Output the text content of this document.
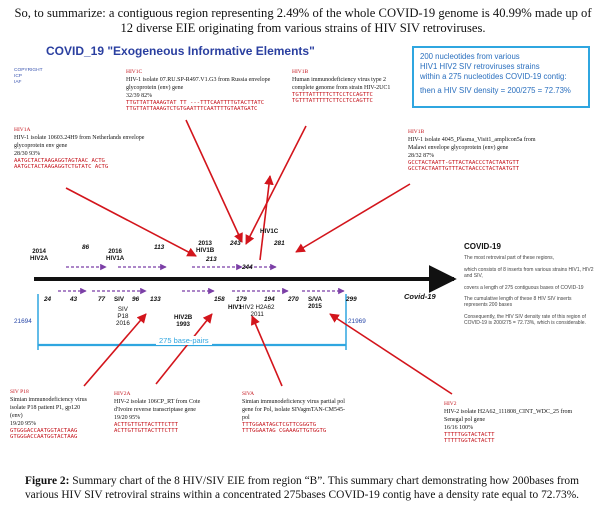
So, to summarize: a contiguous region representing 2.49% of the whole COVID-19 genome is 40.99% made up of 12 diverse EIE originating from various strains of HIV SIV retroviruses.
COVID_19 "Exogeneous Informative Elements"
COPYRIGHT
ICP
IAF
200 nucleotides from various
HIV1 HIV2 SIV retroviruses strains
within a 275 nucleotides COVID-19 contig:
then a HIV SIV density = 200/275 = 72.73%
HIV1C
HIV-1 isolate 07.RU.SP-R497.V1.G3 from Russia envelope glycoprotein (env) gene
32/39 82%
TTGTTATTAAAGTAT TT ---TTTCAATTTTGTACTTATC
TTGTTATTAAAGTCTGTGAATTTCAATTTTGTAATGATC
HIV1B
Human immunodeficiency virus type 2 complete genome from strain HIV-2UC1
TGTTTATTTTTCTTCCTCCAGTTC
TGTTTATTTTTCTTCCTCCAGTTC
HIV1A
HIV-1 isolate 10603.24H9 from Netherlands envelope glycoprotein env gene
28/30 93%
AATGCTACTAAGAGGTAGTAAC ACTG
AATGCTACTAAGAGGTCTGTATC ACTG
HIV1B
HIV-1 isolate 4045_Plasma_Visit1_amplicon5a from Malawi envelope glycoprotein (env) gene
28/32 87%
GCCTACTAATT-GTTACTAACCCTACTAATGTT
GCCTACTAATTGTTTACTAACCCTACTAATGTT
86	113
213
243
244
281
2014
HIV2A
2016
HIV1A
2013
HIV1B
HIV1C
24	43	77	96 133	158 179	194 270	299
SIV
SIV
P18
2016
HIV2B
1993
HIV1
HIV2 H2A62
2011
S/VA
2015
Covid-19
21694	21969
275 base-pairs
COVID-19

The most retroviral part of these regions,

which consists of 8 inserts from various strains HIV1, HIV2 and SIV,

covers a length of 275 contiguous bases of COVID-19

The cumulative length of these 8 HIV SIV inserts represents 200 bases

Consequently, the HIV SIV density rate of this region of COVID-19 is 200/275 = 72.73%, which is considerable.

SIV P18
Simian immunodeficiency virus isolate P18 patient P1, gp120 (env)
19/20 95%
GTGGGACCAATGGTACTAAG
GTGGGACCAATGGTACTAAG
HIV2A
HIV-2 isolate 106CP_RT from Cote d'Ivoire reverse transcriptase gene
19/20 95%
ACTTGTTGTTACTTTCTTT
ACTTGTTGTTACTTTCTTT
SIVA
Simian immunodeficiency virus partial pol gene for Pol, isolate SIVagmTAN-CM545-pol
TTTGGAATAGCTCGTTCGGGTG
TTTGGAATAG CGAAAGTTGTGGTG
HIV2
HIV-2 isolate H2A62_111808_CINT_WDC_25 from Senegal pol gene
16/16 100%
TTTTTGGTACTACTT
TTTTTGGTACTACTT
Figure 2: Summary chart of the 8 HIV/SIV EIE from region “B”. This summary chart demonstrating how 200bases from various HIV SIV retroviral strains within a concentrated 275bases COVID-19 contig have a density rate equal to 72.73%.
